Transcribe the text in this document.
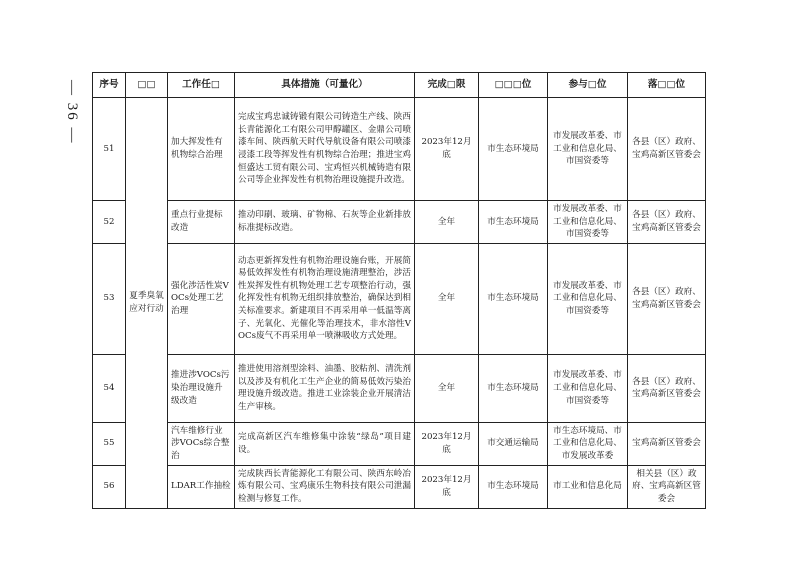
— 36 — 序号	□□	工作任□	具体措施（可量化）	完成□限	□□□位	参与□位	落□□位
51	夏季臭氧应对行动	加大挥发性有机物综合治理	完成宝鸡忠诚铸锻有限公司铸造生产线、陕西长青能源化工有限公司甲醇罐区、金鼎公司喷漆车间、陕西航天时代导航设备有限公司喷漆浸漆工段等挥发性有机物综合治理；推进宝鸡恒盛达工贸有限公司、宝鸡恒兴机械铸造有限公司等企业挥发性有机物治理设施提升改造。	2023年12月底	市生态环境局	市发展改革委、市工业和信息化局、市国资委等	各县（区）政府、宝鸡高新区管委会
52		重点行业提标改造	推动印刷、玻璃、矿物棉、石灰等企业新排放标准提标改造。	全年	市生态环境局	市发展改革委、市工业和信息化局、市国资委等	各县（区）政府、宝鸡高新区管委会
53		强化涉活性炭VOCs处理工艺治理	动态更新挥发性有机物治理设施台账，开展简易低效挥发性有机物治理设施清理整治，涉活性炭挥发性有机物处理工艺专项整治行动，强化挥发性有机物无组织排放整治，确保达到相关标准要求。新建项目不再采用单一低温等离子、光氧化、光催化等治理技术，非水溶性VOCs废气不再采用单一喷淋吸收方式处理。	全年	市生态环境局	市发展改革委、市工业和信息化局、市国资委等	各县（区）政府、宝鸡高新区管委会
54		推进涉VOCs污染治理设施升级改造	推进使用溶剂型涂料、油墨、胶粘剂、清洗剂以及涉及有机化工生产企业的简易低效污染治理设施升级改造。推进工业涂装企业开展清洁生产审核。	全年	市生态环境局	市发展改革委、市工业和信息化局、市国资委等	各县（区）政府、宝鸡高新区管委会
55		汽车维修行业涉VOCs综合整治	完成高新区汽车维修集中涂装“绿岛”项目建设。	2023年12月底	市交通运输局	市生态环境局、市工业和信息化局、市发展改革委	宝鸡高新区管委会
56		LDAR工作抽检	完成陕西长青能源化工有限公司、陕西东岭冶炼有限公司、宝鸡康乐生物科技有限公司泄漏检测与修复工作。	2023年12月底	市生态环境局	市工业和信息化局	相关县（区）政府、宝鸡高新区管委会
